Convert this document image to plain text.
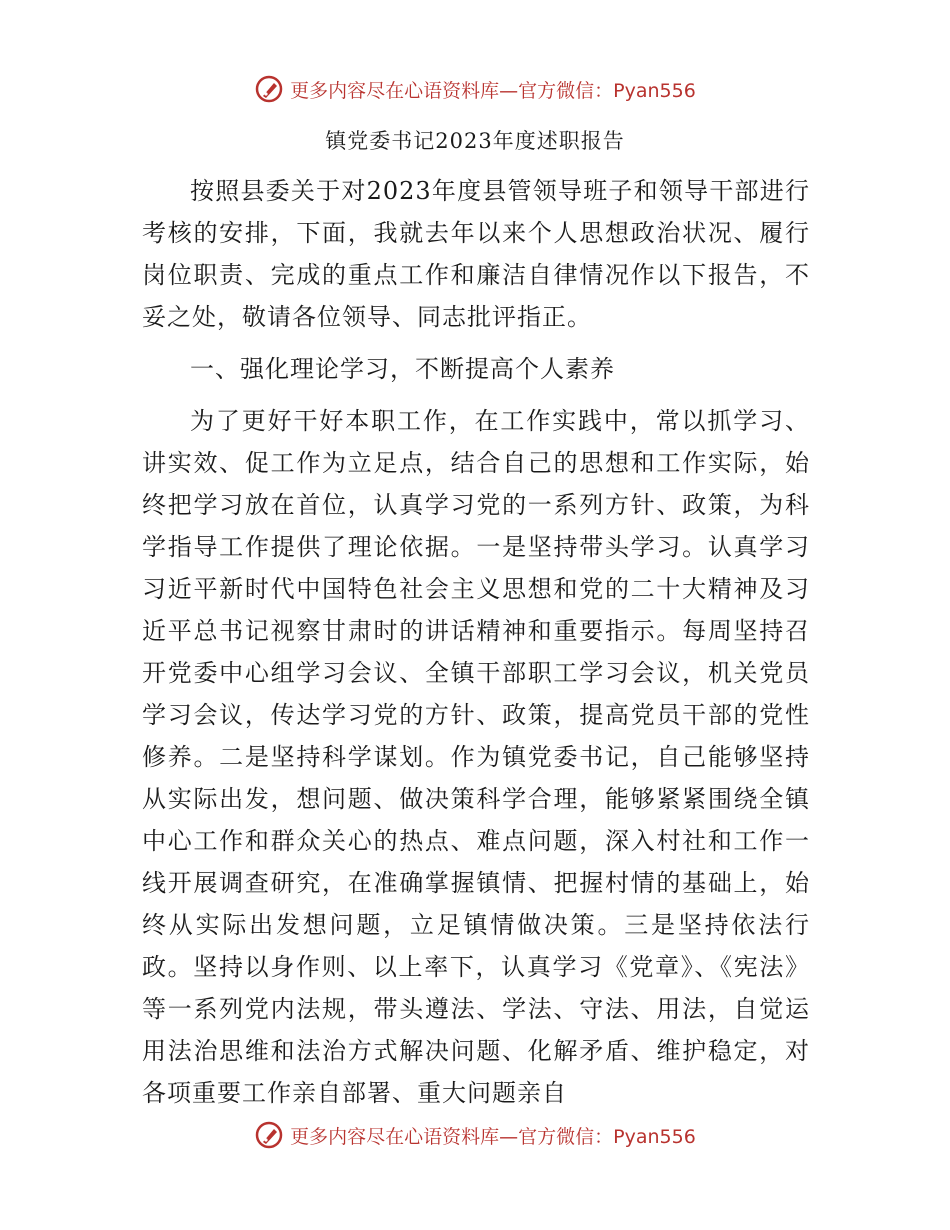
更多内容尽在心语资料库—官方微信：Pyan556
镇党委书记2023年度述职报告

按照县委关于对2023年度县管领导班子和领导干部进行考核的安排，下面，我就去年以来个人思想政治状况、履行岗位职责、完成的重点工作和廉洁自律情况作以下报告，不妥之处，敬请各位领导、同志批评指正。

一、强化理论学习，不断提高个人素养

为了更好干好本职工作，在工作实践中，常以抓学习、讲实效、促工作为立足点，结合自己的思想和工作实际，始终把学习放在首位，认真学习党的一系列方针、政策，为科学指导工作提供了理论依据。一是坚持带头学习。认真学习习近平新时代中国特色社会主义思想和党的二十大精神及习近平总书记视察甘肃时的讲话精神和重要指示。每周坚持召开党委中心组学习会议、全镇干部职工学习会议，机关党员学习会议，传达学习党的方针、政策，提高党员干部的党性修养。二是坚持科学谋划。作为镇党委书记，自己能够坚持从实际出发，想问题、做决策科学合理，能够紧紧围绕全镇中心工作和群众关心的热点、难点问题，深入村社和工作一线开展调查研究，在准确掌握镇情、把握村情的基础上，始终从实际出发想问题，立足镇情做决策。三是坚持依法行政。坚持以身作则、以上率下，认真学习《党章》、《宪法》等一系列党内法规，带头遵法、学法、守法、用法，自觉运用法治思维和法治方式解决问题、化解矛盾、维护稳定，对各项重要工作亲自部署、重大问题亲自

更多内容尽在心语资料库—官方微信：Pyan556
